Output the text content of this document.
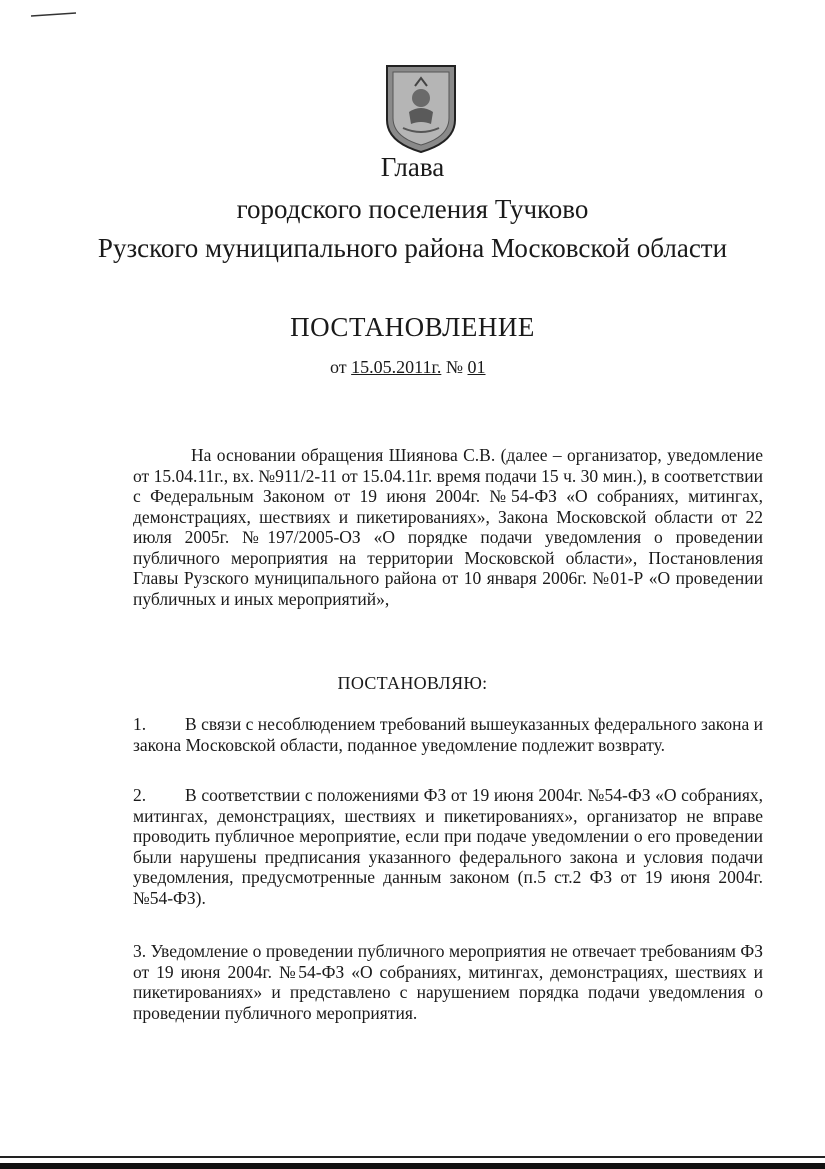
Глава
городского поселения Тучково
Рузского муниципального района Московской области
ПОСТАНОВЛЕНИЕ
от 15.05.2011г. № 01
На основании обращения Шиянова С.В. (далее – организатор, уведомление от 15.04.11г., вх. №911/2-11 от 15.04.11г. время подачи 15 ч. 30 мин.), в соответствии с Федеральным Законом от 19 июня 2004г. №54-ФЗ «О собраниях, митингах, демонстрациях, шествиях и пикетированиях», Закона Московской области от 22 июля 2005г. №197/2005-ОЗ «О порядке подачи уведомления о проведении публичного мероприятия на территории Московской области», Постановления Главы Рузского муниципального района от 10 января 2006г. №01-Р «О проведении публичных и иных мероприятий»,
ПОСТАНОВЛЯЮ:
1. В связи с несоблюдением требований вышеуказанных федерального закона и закона Московской области, поданное уведомление подлежит возврату.
2. В соответствии с положениями ФЗ от 19 июня 2004г. №54-ФЗ «О собраниях, митингах, демонстрациях, шествиях и пикетированиях», организатор не вправе проводить публичное мероприятие, если при подаче уведомлении о его проведении были нарушены предписания указанного федерального закона и условия подачи уведомления, предусмотренные данным законом (п.5 ст.2 ФЗ от 19 июня 2004г. №54-ФЗ).
3. Уведомление о проведении публичного мероприятия не отвечает требованиям ФЗ от 19 июня 2004г. №54-ФЗ «О собраниях, митингах, демонстрациях, шествиях и пикетированиях» и представлено с нарушением порядка подачи уведомления о проведении публичного мероприятия.
